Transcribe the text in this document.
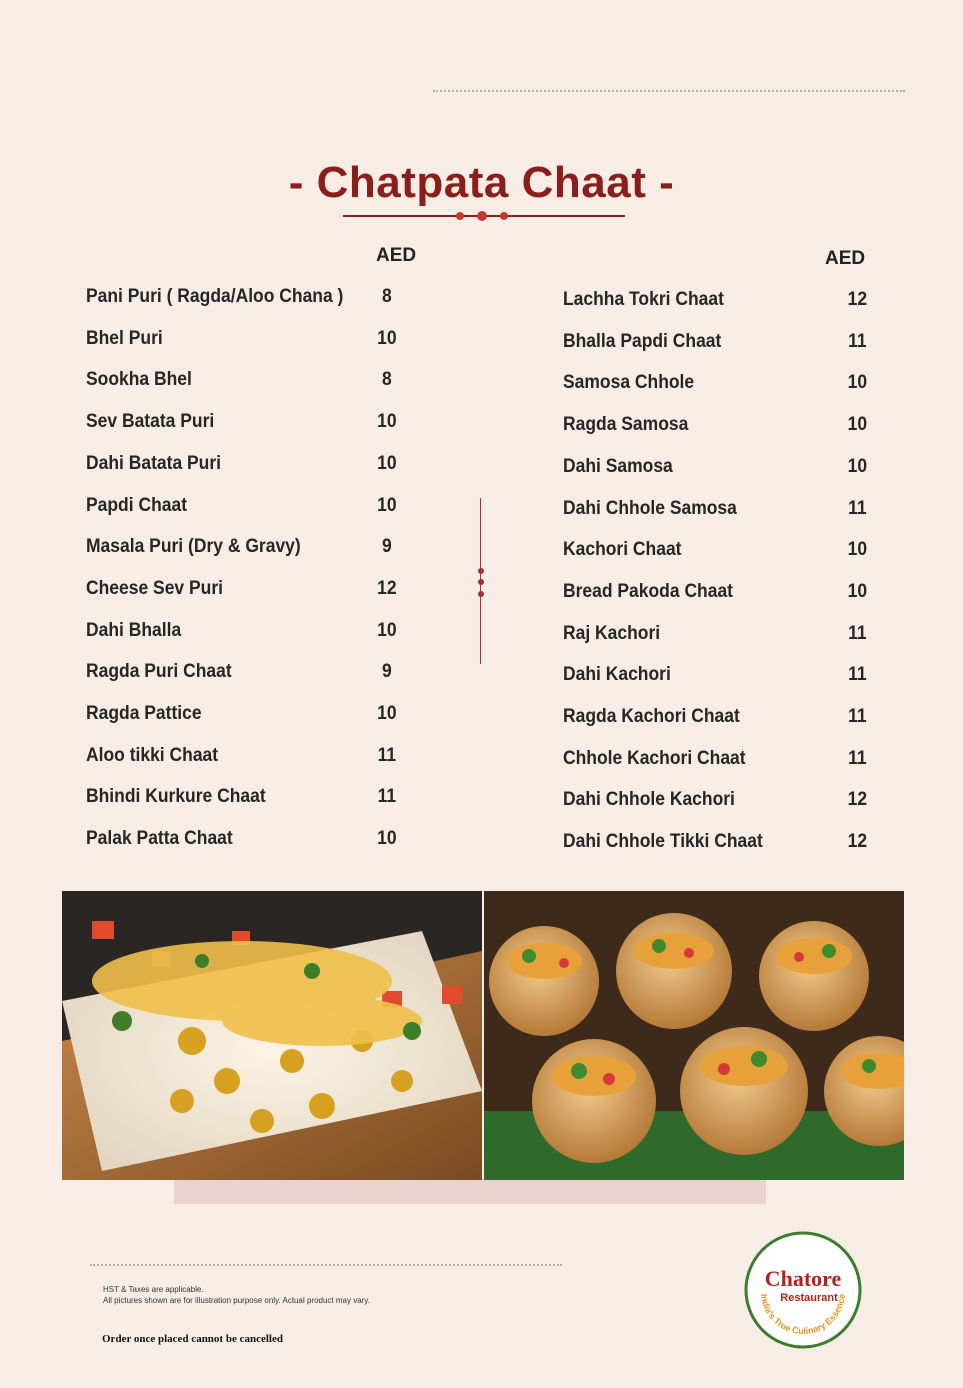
- Chatpata Chaat -
AED	AED
Pani Puri ( Ragda/Aloo Chana )	8
Bhel Puri	10
Sookha Bhel	8
Sev Batata Puri	10
Dahi Batata Puri	10
Papdi Chaat	10
Masala Puri (Dry & Gravy)	9
Cheese Sev Puri	12
Dahi Bhalla	10
Ragda Puri Chaat	9
Ragda Pattice	10
Aloo tikki Chaat	11
Bhindi Kurkure Chaat	11
Palak Patta Chaat	10
Lachha Tokri Chaat	12
Bhalla Papdi Chaat	11
Samosa Chhole	10
Ragda Samosa	10
Dahi Samosa	10
Dahi Chhole Samosa	11
Kachori Chaat	10
Bread Pakoda Chaat	10
Raj Kachori	11
Dahi Kachori	11
Ragda Kachori Chaat	11
Chhole Kachori Chaat	11
Dahi Chhole Kachori	12
Dahi Chhole Tikki Chaat	12
HST & Taxes are applicable.
All pictures shown are for illustration purpose only. Actual product may vary.
Order once placed cannot be cancelled
Chatore
Restaurant
India's True Culinary Essence
